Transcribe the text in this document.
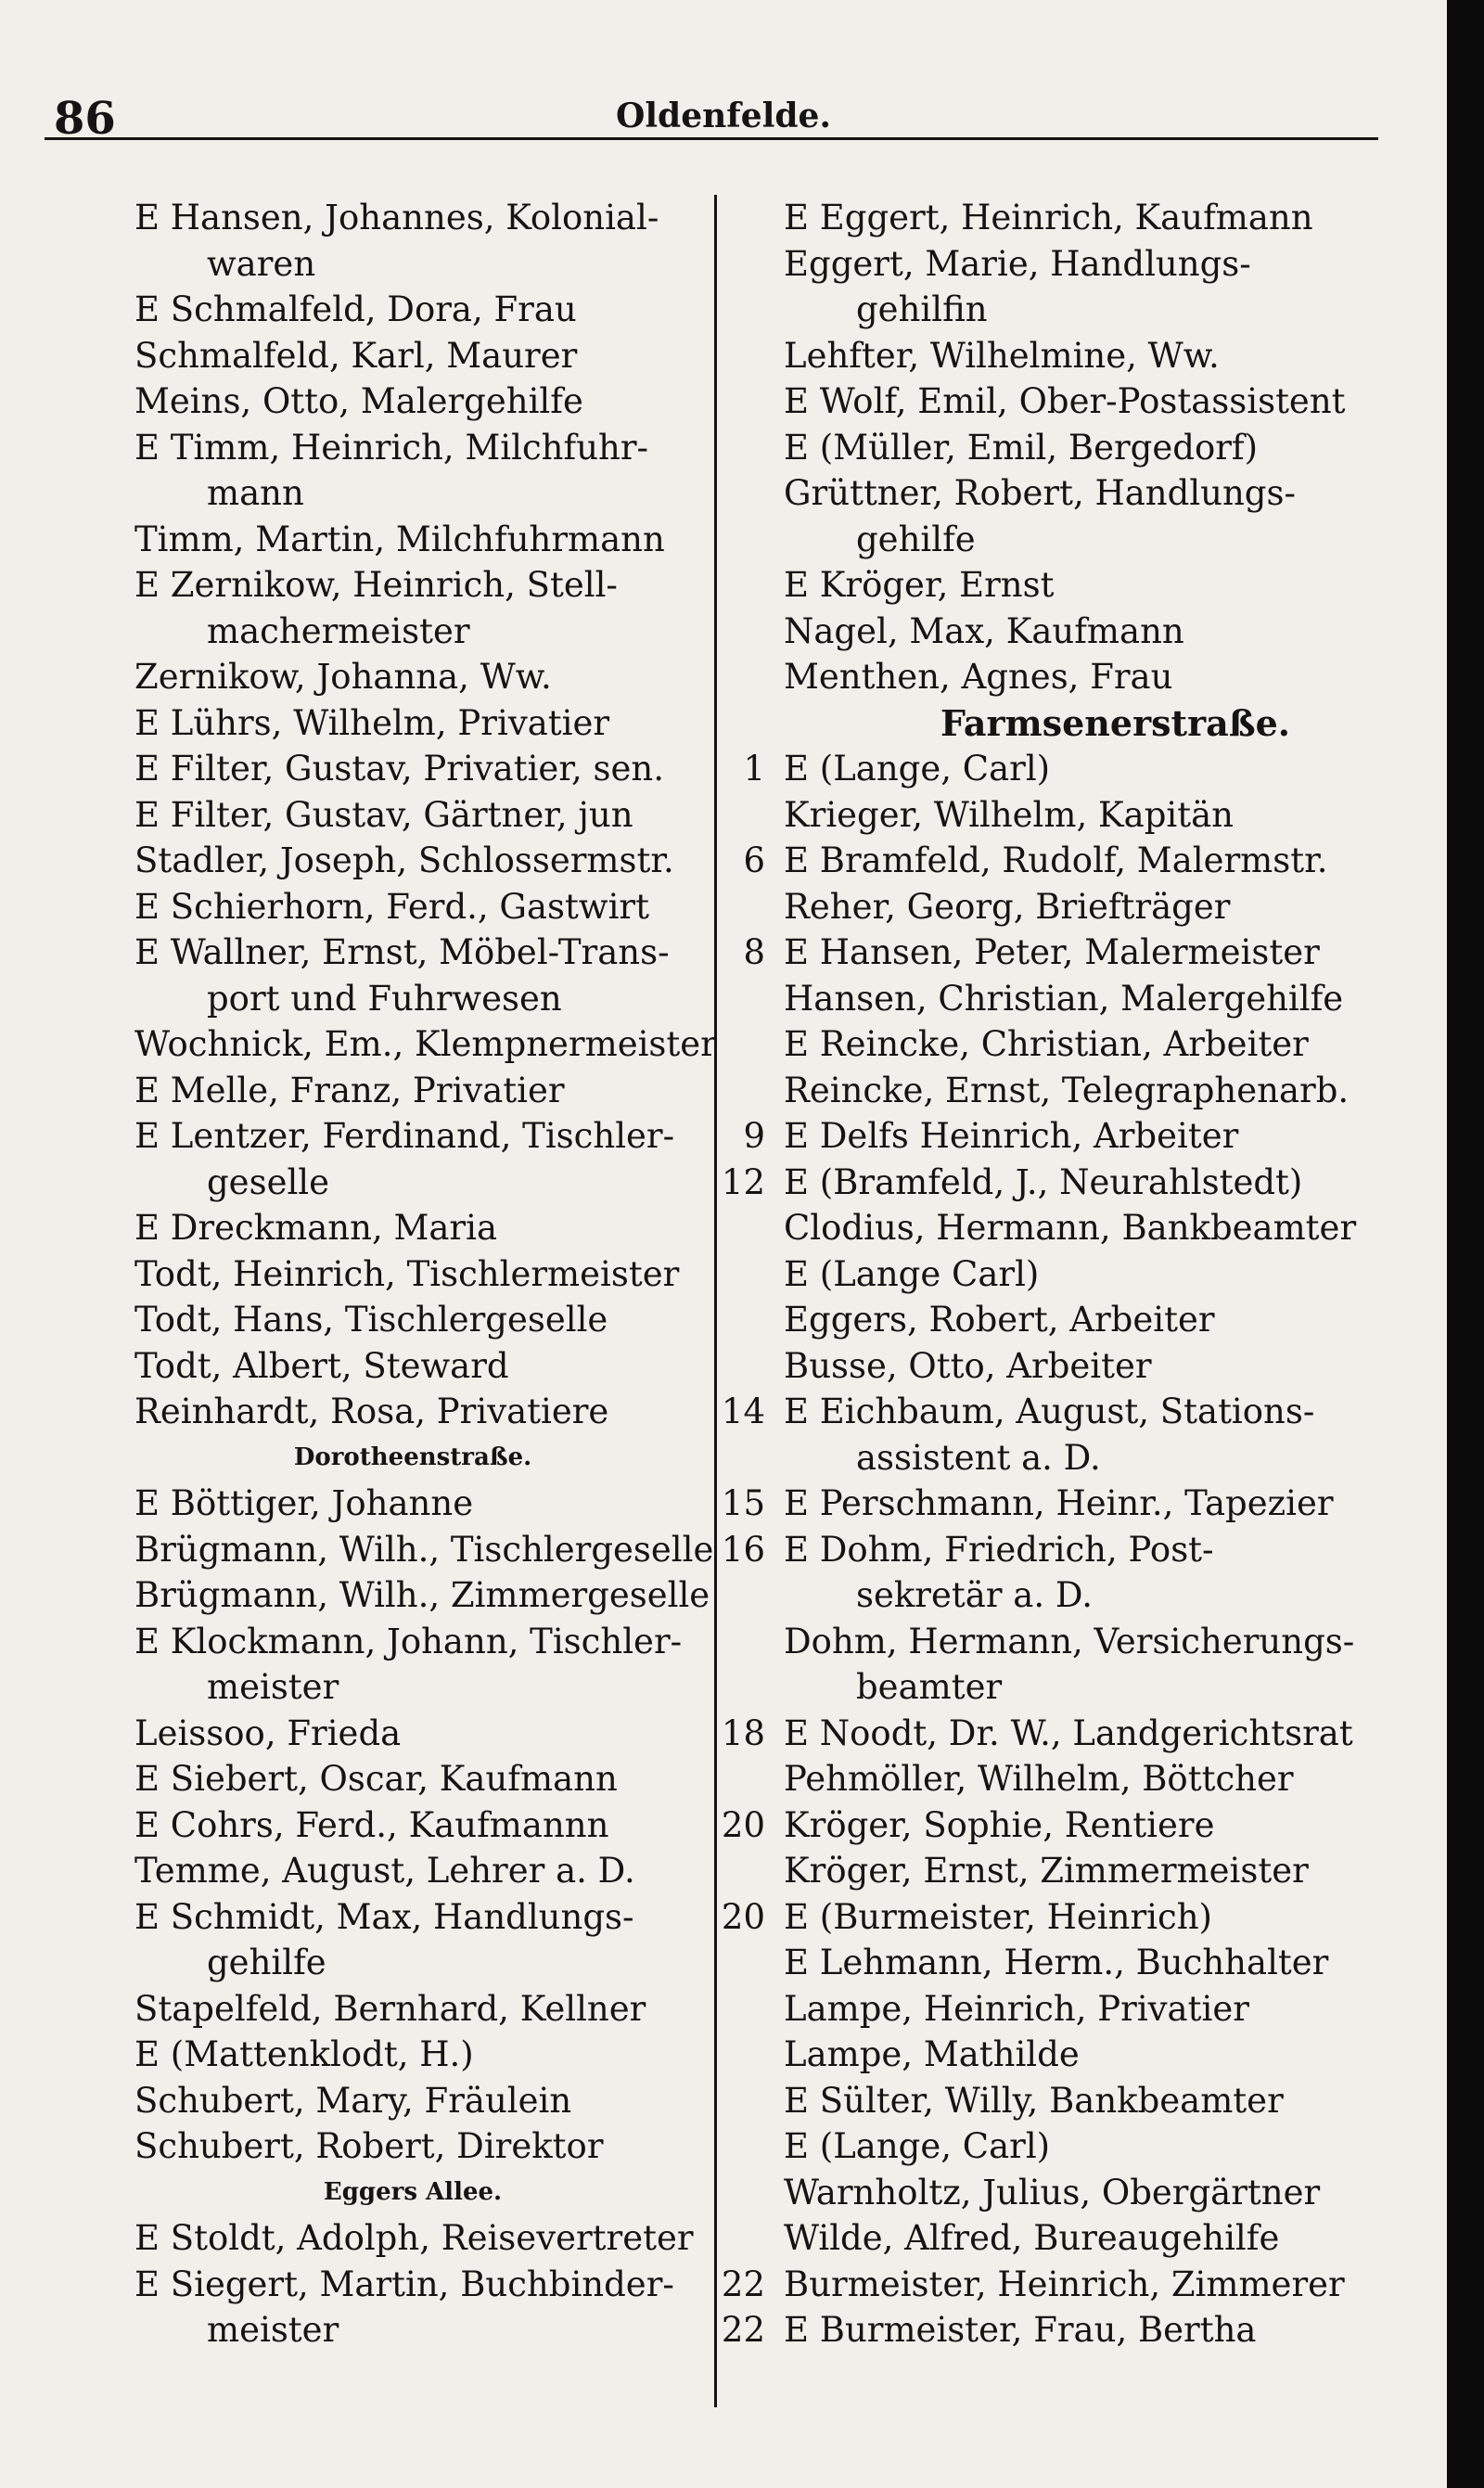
86	Oldenfelde.
E Hansen, Johannes, Kolonial-
waren
E Schmalfeld, Dora, Frau
Schmalfeld, Karl, Maurer
Meins, Otto, Malergehilfe
E Timm, Heinrich, Milchfuhr-
mann
Timm, Martin, Milchfuhrmann
E Zernikow, Heinrich, Stell-
machermeister
Zernikow, Johanna, Ww.
E Lührs, Wilhelm, Privatier
E Filter, Gustav, Privatier, sen.
E Filter, Gustav, Gärtner, jun
Stadler, Joseph, Schlossermstr.
E Schierhorn, Ferd., Gastwirt
E Wallner, Ernst, Möbel-Trans-
port und Fuhrwesen
Wochnick, Em., Klempnermeister
E Melle, Franz, Privatier
E Lentzer, Ferdinand, Tischler-
geselle
E Dreckmann, Maria
Todt, Heinrich, Tischlermeister
Todt, Hans, Tischlergeselle
Todt, Albert, Steward
Reinhardt, Rosa, Privatiere
Dorotheenstraße.
E Böttiger, Johanne
Brügmann, Wilh., Tischlergeselle
Brügmann, Wilh., Zimmergeselle
E Klockmann, Johann, Tischler-
meister
Leissoo, Frieda
E Siebert, Oscar, Kaufmann
E Cohrs, Ferd., Kaufmannn
Temme, August, Lehrer a. D.
E Schmidt, Max, Handlungs-
gehilfe
Stapelfeld, Bernhard, Kellner
E (Mattenklodt, H.)
Schubert, Mary, Fräulein
Schubert, Robert, Direktor
Eggers Allee.
E Stoldt, Adolph, Reisevertreter
E Siegert, Martin, Buchbinder-
meister
E Eggert, Heinrich, Kaufmann
Eggert, Marie, Handlungs-
gehilfin
Lehfter, Wilhelmine, Ww.
E Wolf, Emil, Ober-Postassistent
E (Müller, Emil, Bergedorf)
Grüttner, Robert, Handlungs-
gehilfe
E Kröger, Ernst
Nagel, Max, Kaufmann
Menthen, Agnes, Frau
Farmsenerstraße.
1 E (Lange, Carl)
Krieger, Wilhelm, Kapitän
6 E Bramfeld, Rudolf, Malermstr.
Reher, Georg, Briefträger
8 E Hansen, Peter, Malermeister
Hansen, Christian, Malergehilfe
E Reincke, Christian, Arbeiter
Reincke, Ernst, Telegraphenarb.
9 E Delfs Heinrich, Arbeiter
12 E (Bramfeld, J., Neurahlstedt)
Clodius, Hermann, Bankbeamter
E (Lange Carl)
Eggers, Robert, Arbeiter
Busse, Otto, Arbeiter
14 E Eichbaum, August, Stations-
assistent a. D.
15 E Perschmann, Heinr., Tapezier
16 E Dohm, Friedrich, Post-
sekretär a. D.
Dohm, Hermann, Versicherungs-
beamter
18 E Noodt, Dr. W., Landgerichtsrat
Pehmöller, Wilhelm, Böttcher
20 Kröger, Sophie, Rentiere
Kröger, Ernst, Zimmermeister
20 E (Burmeister, Heinrich)
E Lehmann, Herm., Buchhalter
Lampe, Heinrich, Privatier
Lampe, Mathilde
E Sülter, Willy, Bankbeamter
E (Lange, Carl)
Warnholtz, Julius, Obergärtner
Wilde, Alfred, Bureaugehilfe
22 Burmeister, Heinrich, Zimmerer
22 E Burmeister, Frau, Bertha
